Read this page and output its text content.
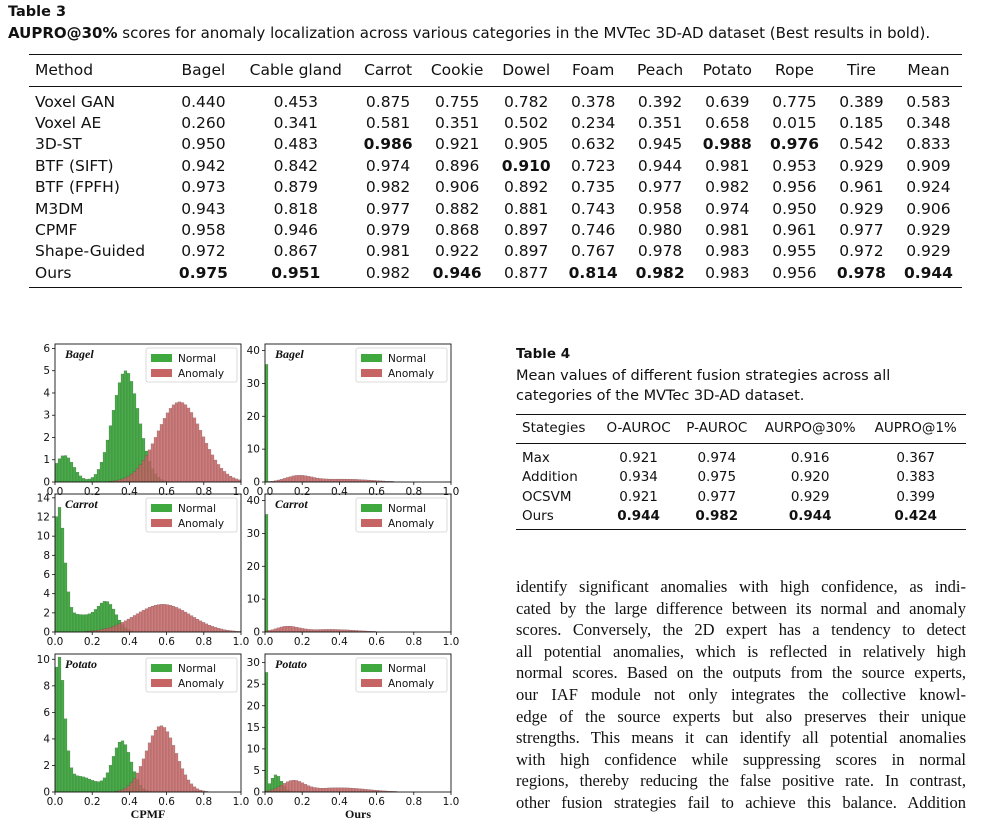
Table 3
AUPRO@30% scores for anomaly localization across various categories in the MVTec 3D-AD dataset (Best results in bold).
Method	Bagel	Cable gland	Carrot	Cookie	Dowel	Foam	Peach	Potato	Rope	Tire	Mean
Voxel GAN	0.440	0.453	0.875	0.755	0.782	0.378	0.392	0.639	0.775	0.389	0.583
Voxel AE	0.260	0.341	0.581	0.351	0.502	0.234	0.351	0.658	0.015	0.185	0.348
3D-ST	0.950	0.483	0.986	0.921	0.905	0.632	0.945	0.988	0.976	0.542	0.833
BTF (SIFT)	0.942	0.842	0.974	0.896	0.910	0.723	0.944	0.981	0.953	0.929	0.909
BTF (FPFH)	0.973	0.879	0.982	0.906	0.892	0.735	0.977	0.982	0.956	0.961	0.924
M3DM	0.943	0.818	0.977	0.882	0.881	0.743	0.958	0.974	0.950	0.929	0.906
CPMF	0.958	0.946	0.979	0.868	0.897	0.746	0.980	0.981	0.961	0.977	0.929
Shape-Guided	0.972	0.867	0.981	0.922	0.897	0.767	0.978	0.983	0.955	0.972	0.929
Ours	0.975	0.951	0.982	0.946	0.877	0.814	0.982	0.983	0.956	0.978	0.944
0.0 0.2 0.4 0.6 0.8 1.0
0
1
2
3
4
5
6 Bagel	Normal
Anomaly
0.0 0.2 0.4 0.6 0.8 1.0
0
10
20
30
40 Bagel	Normal
Anomaly
0.0 0.2 0.4 0.6 0.8 1.0
0
2
4
6
8
10
12
14 Carrot	Normal
Anomaly
0.0 0.2 0.4 0.6 0.8 1.0
0
10
20
30
40 Carrot	Normal
Anomaly
0.0 0.2 0.4 0.6 0.8 1.0
0
2
4
6
8
10 Potato	Normal
Anomaly
CPMF
0.0 0.2 0.4 0.6 0.8 1.0
0
5
10
15
20
25
30 Potato	Normal
Anomaly
Ours
Table 4
Mean values of different fusion strategies across all categories of the MVTec 3D-AD dataset.
Stategies	O-AUROC	P-AUROC	AURPO@30%	AUPRO@1%
Max	0.921	0.974	0.916	0.367
Addition	0.934	0.975	0.920	0.383
OCSVM	0.921	0.977	0.929	0.399
Ours	0.944	0.982	0.944	0.424
identify significant anomalies with high confidence, as indi-
cated by the large difference between its normal and anomaly
scores. Conversely, the 2D expert has a tendency to detect
all potential anomalies, which is reflected in relatively high
normal scores. Based on the outputs from the source experts,
our IAF module not only integrates the collective knowl-
edge of the source experts but also preserves their unique
strengths. This means it can identify all potential anomalies
with high confidence while suppressing scores in normal
regions, thereby reducing the false positive rate. In contrast,
other fusion strategies fail to achieve this balance. Addition
